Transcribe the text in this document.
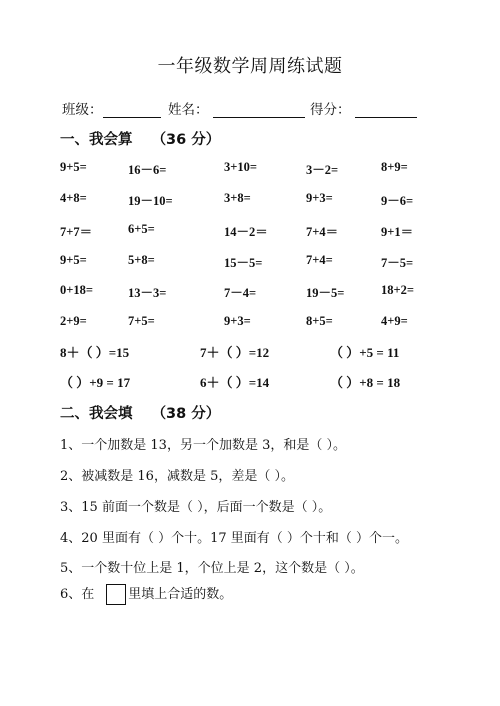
一年级数学周周练试题
班级：	姓名：	得分：
一、我会算 （36 分）
9+5=	16－6=	3+10=	3－2=	8+9=
4+8=	19－10=	3+8=	9+3=	9－6=
7+7＝	6+5=	14－2＝	7+4＝	9+1＝
9+5=	5+8=	15－5=	7+4=	7－5=
0+18=	13－3=	7－4=	19－5=	18+2=
2+9=	7+5=	9+3=	8+5=	4+9=
8＋（ ）=15	7＋（ ）=12	（ ）+5 = 11
（ ）+9 = 17	6＋（ ）=14	（ ）+8 = 18
二、我会填 （38 分）
1、一个加数是 13，另一个加数是 3，和是（ ）。
2、被减数是 16，减数是 5，差是（ ）。
3、15 前面一个数是（ ），后面一个数是（ ）。
4、20 里面有（ ）个十。17 里面有（ ）个十和（ ）个一。
5、一个数十位上是 1，个位上是 2，这个数是（ ）。
6、在	里填上合适的数。
